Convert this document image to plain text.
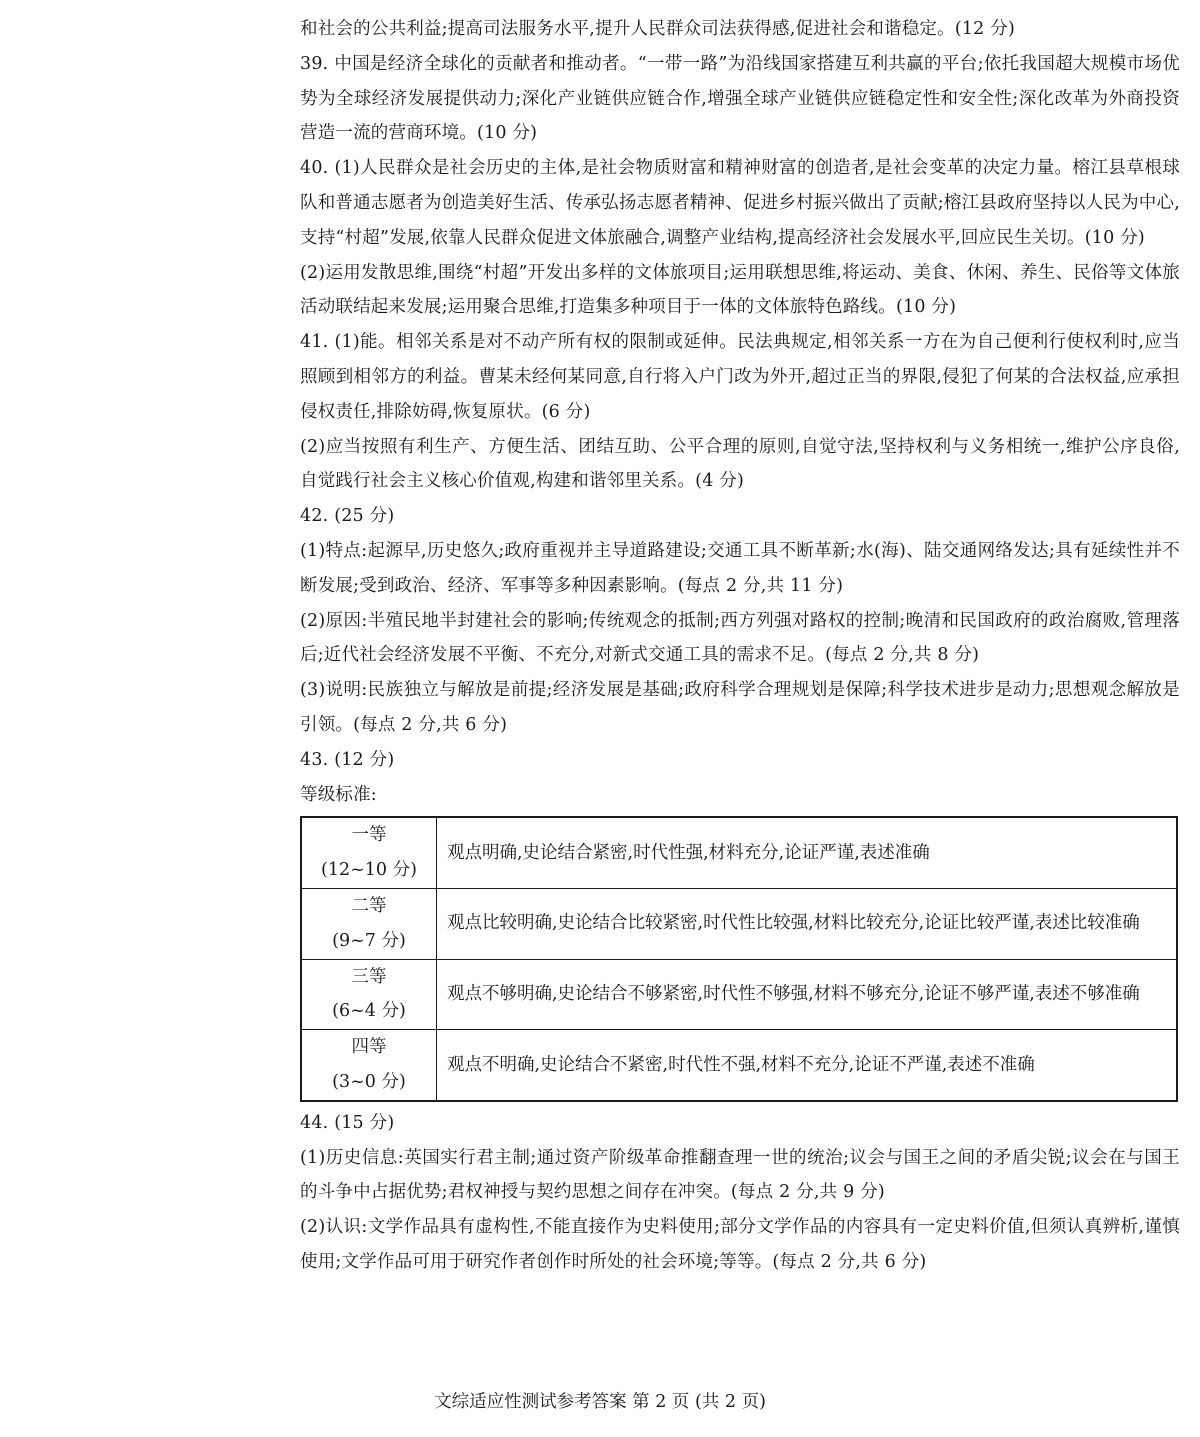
和社会的公共利益;提高司法服务水平,提升人民群众司法获得感,促进社会和谐稳定。(12 分)

39. 中国是经济全球化的贡献者和推动者。“一带一路”为沿线国家搭建互利共赢的平台;依托我国超大规模市场优势为全球经济发展提供动力;深化产业链供应链合作,增强全球产业链供应链稳定性和安全性;深化改革为外商投资营造一流的营商环境。(10 分)

40. (1)人民群众是社会历史的主体,是社会物质财富和精神财富的创造者,是社会变革的决定力量。榕江县草根球队和普通志愿者为创造美好生活、传承弘扬志愿者精神、促进乡村振兴做出了贡献;榕江县政府坚持以人民为中心,支持“村超”发展,依靠人民群众促进文体旅融合,调整产业结构,提高经济社会发展水平,回应民生关切。(10 分)

(2)运用发散思维,围绕“村超”开发出多样的文体旅项目;运用联想思维,将运动、美食、休闲、养生、民俗等文体旅活动联结起来发展;运用聚合思维,打造集多种项目于一体的文体旅特色路线。(10 分)

41. (1)能。相邻关系是对不动产所有权的限制或延伸。民法典规定,相邻关系一方在为自己便利行使权利时,应当照顾到相邻方的利益。曹某未经何某同意,自行将入户门改为外开,超过正当的界限,侵犯了何某的合法权益,应承担侵权责任,排除妨碍,恢复原状。(6 分)

(2)应当按照有利生产、方便生活、团结互助、公平合理的原则,自觉守法,坚持权利与义务相统一,维护公序良俗,自觉践行社会主义核心价值观,构建和谐邻里关系。(4 分)

42. (25 分)

(1)特点:起源早,历史悠久;政府重视并主导道路建设;交通工具不断革新;水(海)、陆交通网络发达;具有延续性并不断发展;受到政治、经济、军事等多种因素影响。(每点 2 分,共 11 分)

(2)原因:半殖民地半封建社会的影响;传统观念的抵制;西方列强对路权的控制;晚清和民国政府的政治腐败,管理落后;近代社会经济发展不平衡、不充分,对新式交通工具的需求不足。(每点 2 分,共 8 分)

(3)说明:民族独立与解放是前提;经济发展是基础;政府科学合理规划是保障;科学技术进步是动力;思想观念解放是引领。(每点 2 分,共 6 分)

43. (12 分)

等级标准:

一等
(12~10 分)	观点明确,史论结合紧密,时代性强,材料充分,论证严谨,表述准确

二等
(9~7 分)	观点比较明确,史论结合比较紧密,时代性比较强,材料比较充分,论证比较严谨,表述比较准确

三等
(6~4 分)	观点不够明确,史论结合不够紧密,时代性不够强,材料不够充分,论证不够严谨,表述不够准确

四等
(3~0 分)	观点不明确,史论结合不紧密,时代性不强,材料不充分,论证不严谨,表述不准确

44. (15 分)

(1)历史信息:英国实行君主制;通过资产阶级革命推翻查理一世的统治;议会与国王之间的矛盾尖锐;议会在与国王的斗争中占据优势;君权神授与契约思想之间存在冲突。(每点 2 分,共 9 分)

(2)认识:文学作品具有虚构性,不能直接作为史料使用;部分文学作品的内容具有一定史料价值,但须认真辨析,谨慎使用;文学作品可用于研究作者创作时所处的社会环境;等等。(每点 2 分,共 6 分)

文综适应性测试参考答案 第 2 页 (共 2 页)
